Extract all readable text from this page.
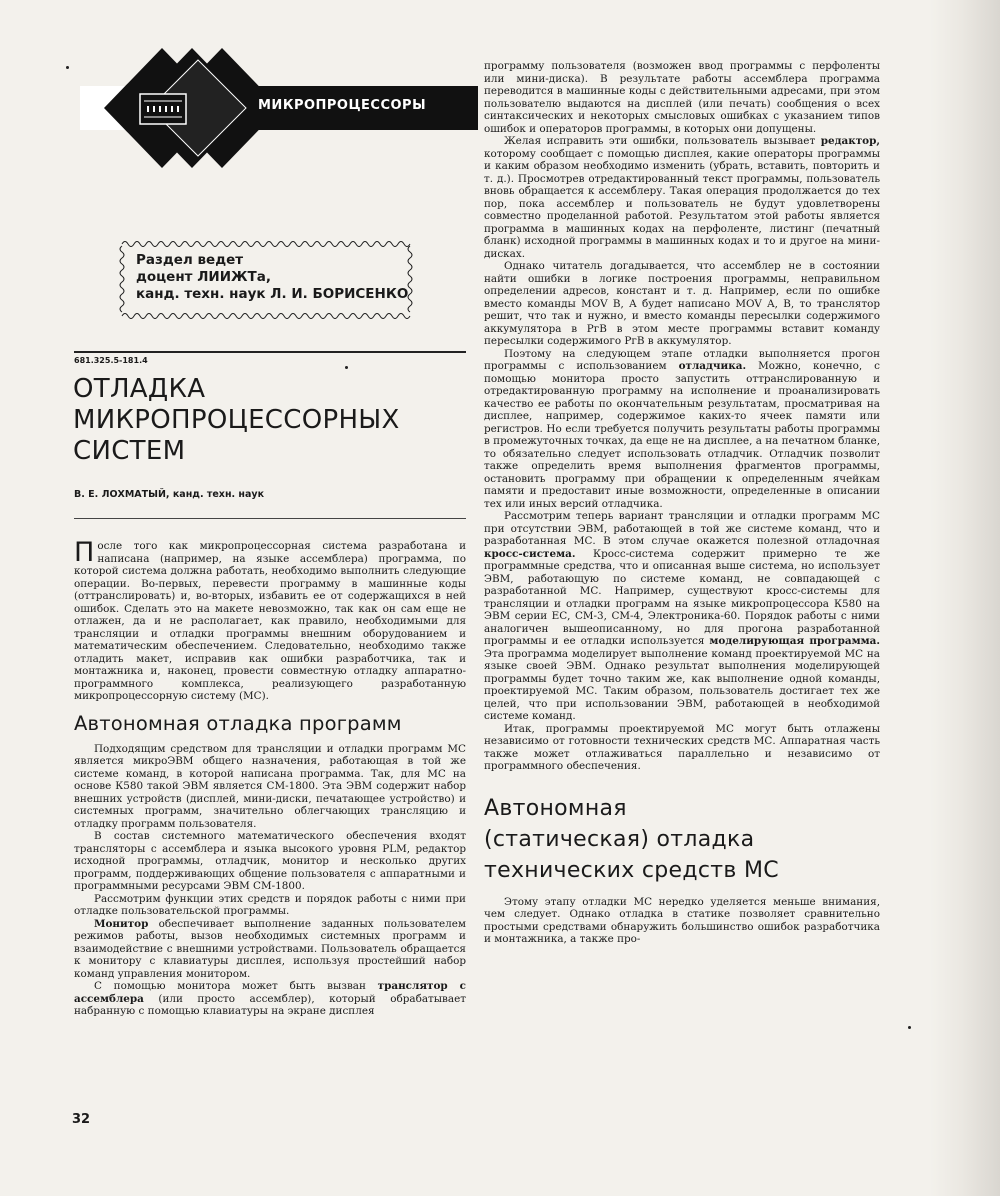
МИКРОПРОЦЕССОРЫ
Раздел ведет
доцент ЛИИЖТа,
канд. техн. наук Л. И. БОРИСЕНКО
681.325.5-181.4
ОТЛАДКА
МИКРОПРОЦЕССОРНЫХ
СИСТЕМ
В. Е. ЛОХМАТЫЙ, канд. техн. наук

После того как микропроцессорная система разработана и написана (например, на языке ассемблера) программа, по которой система должна работать, необходимо выполнить следующие операции. Во-первых, перевести программу в машинные коды (оттранслировать) и, во-вторых, избавить ее от содержащихся в ней ошибок. Сделать это на макете невозможно, так как он сам еще не отлажен, да и не располагает, как правило, необходимыми для трансляции и отладки программы внешним оборудованием и математическим обеспечением. Следовательно, необходимо также отладить макет, исправив как ошибки разработчика, так и монтажника и, наконец, провести совместную отладку аппаратно-программного комплекса, реализующего разработанную микропроцессорную систему (МС).

Автономная отладка программ

Подходящим средством для трансляции и отладки программ МС является микроЭВМ общего назначения, работающая в той же системе команд, в которой написана программа. Так, для МС на основе К580 такой ЭВМ является СМ-1800. Эта ЭВМ содержит набор внешних устройств (дисплей, мини-диски, печатающее устройство) и системных программ, значительно облегчающих трансляцию и отладку программ пользователя.

В состав системного математического обеспечения входят трансляторы с ассемблера и языка высокого уровня PLM, редактор исходной программы, отладчик, монитор и несколько других программ, поддерживающих общение пользователя с аппаратными и программными ресурсами ЭВМ СМ-1800.

Рассмотрим функции этих средств и порядок работы с ними при отладке пользовательской программы.

Монитор обеспечивает выполнение заданных пользователем режимов работы, вызов необходимых системных программ и взаимодействие с внешними устройствами. Пользователь обращается к монитору с клавиатуры дисплея, используя простейший набор команд управления монитором.

С помощью монитора может быть вызван транслятор с ассемблера (или просто ассемблер), который обрабатывает набранную с помощью клавиатуры на экране дисплея

программу пользователя (возможен ввод программы с перфоленты или мини-диска). В результате работы ассемблера программа переводится в машинные коды с действительными адресами, при этом пользователю выдаются на дисплей (или печать) сообщения о всех синтаксических и некоторых смысловых ошибках с указанием типов ошибок и операторов программы, в которых они допущены.

Желая исправить эти ошибки, пользователь вызывает редактор, которому сообщает с помощью дисплея, какие операторы программы и каким образом необходимо изменить (убрать, вставить, повторить и т. д.). Просмотрев отредактированный текст программы, пользователь вновь обращается к ассемблеру. Такая операция продолжается до тех пор, пока ассемблер и пользователь не будут удовлетворены совместно проделанной работой. Результатом этой работы является программа в машинных кодах на перфоленте, листинг (печатный бланк) исходной программы в машинных кодах и то и другое на мини-дисках.

Однако читатель догадывается, что ассемблер не в состоянии найти ошибки в логике построения программы, неправильном определении адресов, констант и т. д. Например, если по ошибке вместо команды MOV B, A будет написано MOV A, B, то транслятор решит, что так и нужно, и вместо команды пересылки содержимого аккумулятора в РгВ в этом месте программы вставит команду пересылки содержимого РгВ в аккумулятор.

Поэтому на следующем этапе отладки выполняется прогон программы с использованием отладчика. Можно, конечно, с помощью монитора просто запустить оттранслированную и отредактированную программу на исполнение и проанализировать качество ее работы по окончательным результатам, просматривая на дисплее, например, содержимое каких-то ячеек памяти или регистров. Но если требуется получить результаты работы программы в промежуточных точках, да еще не на дисплее, а на печатном бланке, то обязательно следует использовать отладчик. Отладчик позволит также определить время выполнения фрагментов программы, остановить программу при обращении к определенным ячейкам памяти и предоставит иные возможности, определенные в описании тех или иных версий отладчика.

Рассмотрим теперь вариант трансляции и отладки программ МС при отсутствии ЭВМ, работающей в той же системе команд, что и разработанная МС. В этом случае окажется полезной отладочная кросс-система. Кросс-система содержит примерно те же программные средства, что и описанная выше система, но использует ЭВМ, работающую по системе команд, не совпадающей с разработанной МС. Например, существуют кросс-системы для трансляции и отладки программ на языке микропроцессора К580 на ЭВМ серии ЕС, СМ-3, СМ-4, Электроника-60. Порядок работы с ними аналогичен вышеописанному, но для прогона разработанной программы и ее отладки используется моделирующая программа. Эта программа моделирует выполнение команд проектируемой МС на языке своей ЭВМ. Однако результат выполнения моделирующей программы будет точно таким же, как выполнение одной команды, проектируемой МС. Таким образом, пользователь достигает тех же целей, что при использовании ЭВМ, работающей в необходимой системе команд.

Итак, программы проектируемой МС могут быть отлажены независимо от готовности технических средств МС. Аппаратная часть также может отлаживаться параллельно и независимо от программного обеспечения.

Автономная
(статическая) отладка
технических средств МС

Этому этапу отладки МС нередко уделяется меньше внимания, чем следует. Однако отладка в статике позволяет сравнительно простыми средствами обнаружить большинство ошибок разработчика и монтажника, а также про-

32
